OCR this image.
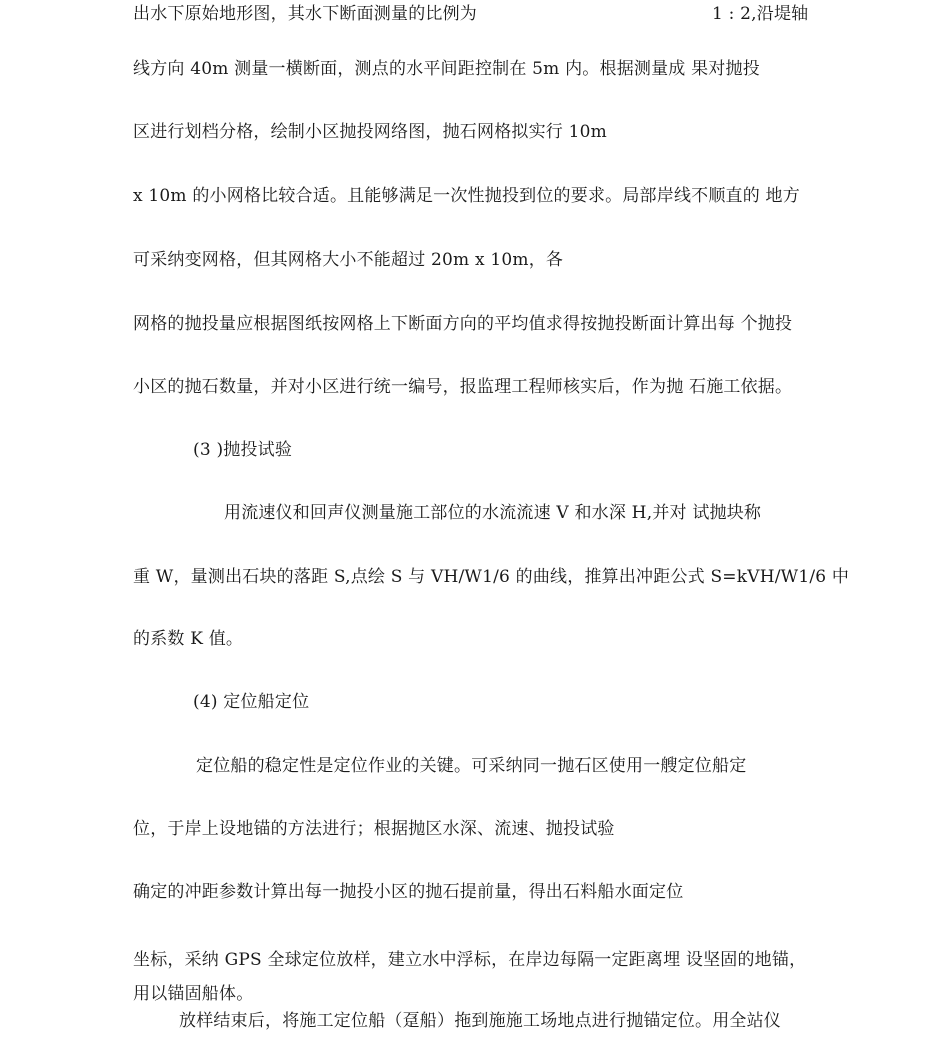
出水下原始地形图，其水下断面测量的比例为	1 : 2,沿堤轴
线方向 40m 测量一横断面，测点的水平间距控制在 5m 内。根据测量成 果对抛投
区进行划档分格，绘制小区抛投网络图，抛石网格拟实行 10m
x 10m 的小网格比较合适。且能够满足一次性抛投到位的要求。局部岸线不顺直的 地方
可采纳变网格，但其网格大小不能超过 20m x 10m，各
网格的抛投量应根据图纸按网格上下断面方向的平均值求得按抛投断面计算出每 个抛投
小区的抛石数量，并对小区进行统一编号，报监理工程师核实后，作为抛 石施工依据。
(3 )抛投试验
用流速仪和回声仪测量施工部位的水流流速 V 和水深 H,并对 试抛块称
重 W，量测出石块的落距 S,点绘 S 与 VH/W1/6 的曲线，推算出冲距公式 S=kVH/W1/6 中
的系数 K 值。
(4) 定位船定位
定位船的稳定性是定位作业的关键。可采纳同一抛石区使用一艘定位船定
位，于岸上设地锚的方法进行；根据抛区水深、流速、抛投试验
确定的冲距参数计算出每一抛投小区的抛石提前量，得出石料船水面定位
坐标，采纳 GPS 全球定位放样，建立水中浮标，在岸边每隔一定距离埋 设坚固的地锚，
用以锚固船体。
放样结束后，将施工定位船（趸船）拖到施施工场地点进行抛锚定位。用全站仪
